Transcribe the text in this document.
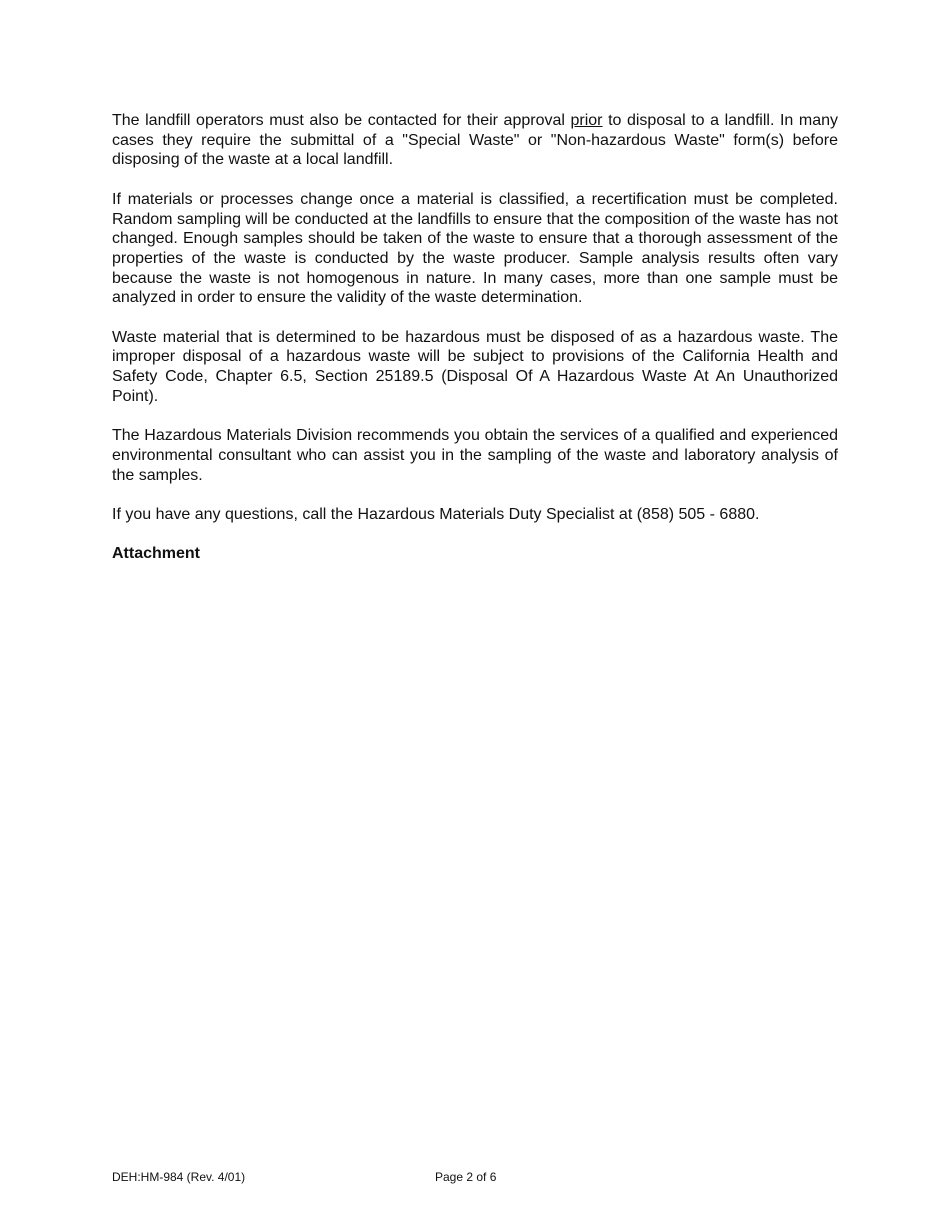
The landfill operators must also be contacted for their approval prior to disposal to a landfill. In many cases they require the submittal of a "Special Waste" or "Non-hazardous Waste" form(s) before disposing of the waste at a local landfill.

If materials or processes change once a material is classified, a recertification must be completed. Random sampling will be conducted at the landfills to ensure that the composition of the waste has not changed. Enough samples should be taken of the waste to ensure that a thorough assessment of the properties of the waste is conducted by the waste producer. Sample analysis results often vary because the waste is not homogenous in nature. In many cases, more than one sample must be analyzed in order to ensure the validity of the waste determination.

Waste material that is determined to be hazardous must be disposed of as a hazardous waste. The improper disposal of a hazardous waste will be subject to provisions of the California Health and Safety Code, Chapter 6.5, Section 25189.5 (Disposal Of A Hazardous Waste At An Unauthorized Point).

The Hazardous Materials Division recommends you obtain the services of a qualified and experienced environmental consultant who can assist you in the sampling of the waste and laboratory analysis of the samples.

If you have any questions, call the Hazardous Materials Duty Specialist at (858) 505 - 6880.

Attachment

DEH:HM-984 (Rev. 4/01)	Page 2 of 6
